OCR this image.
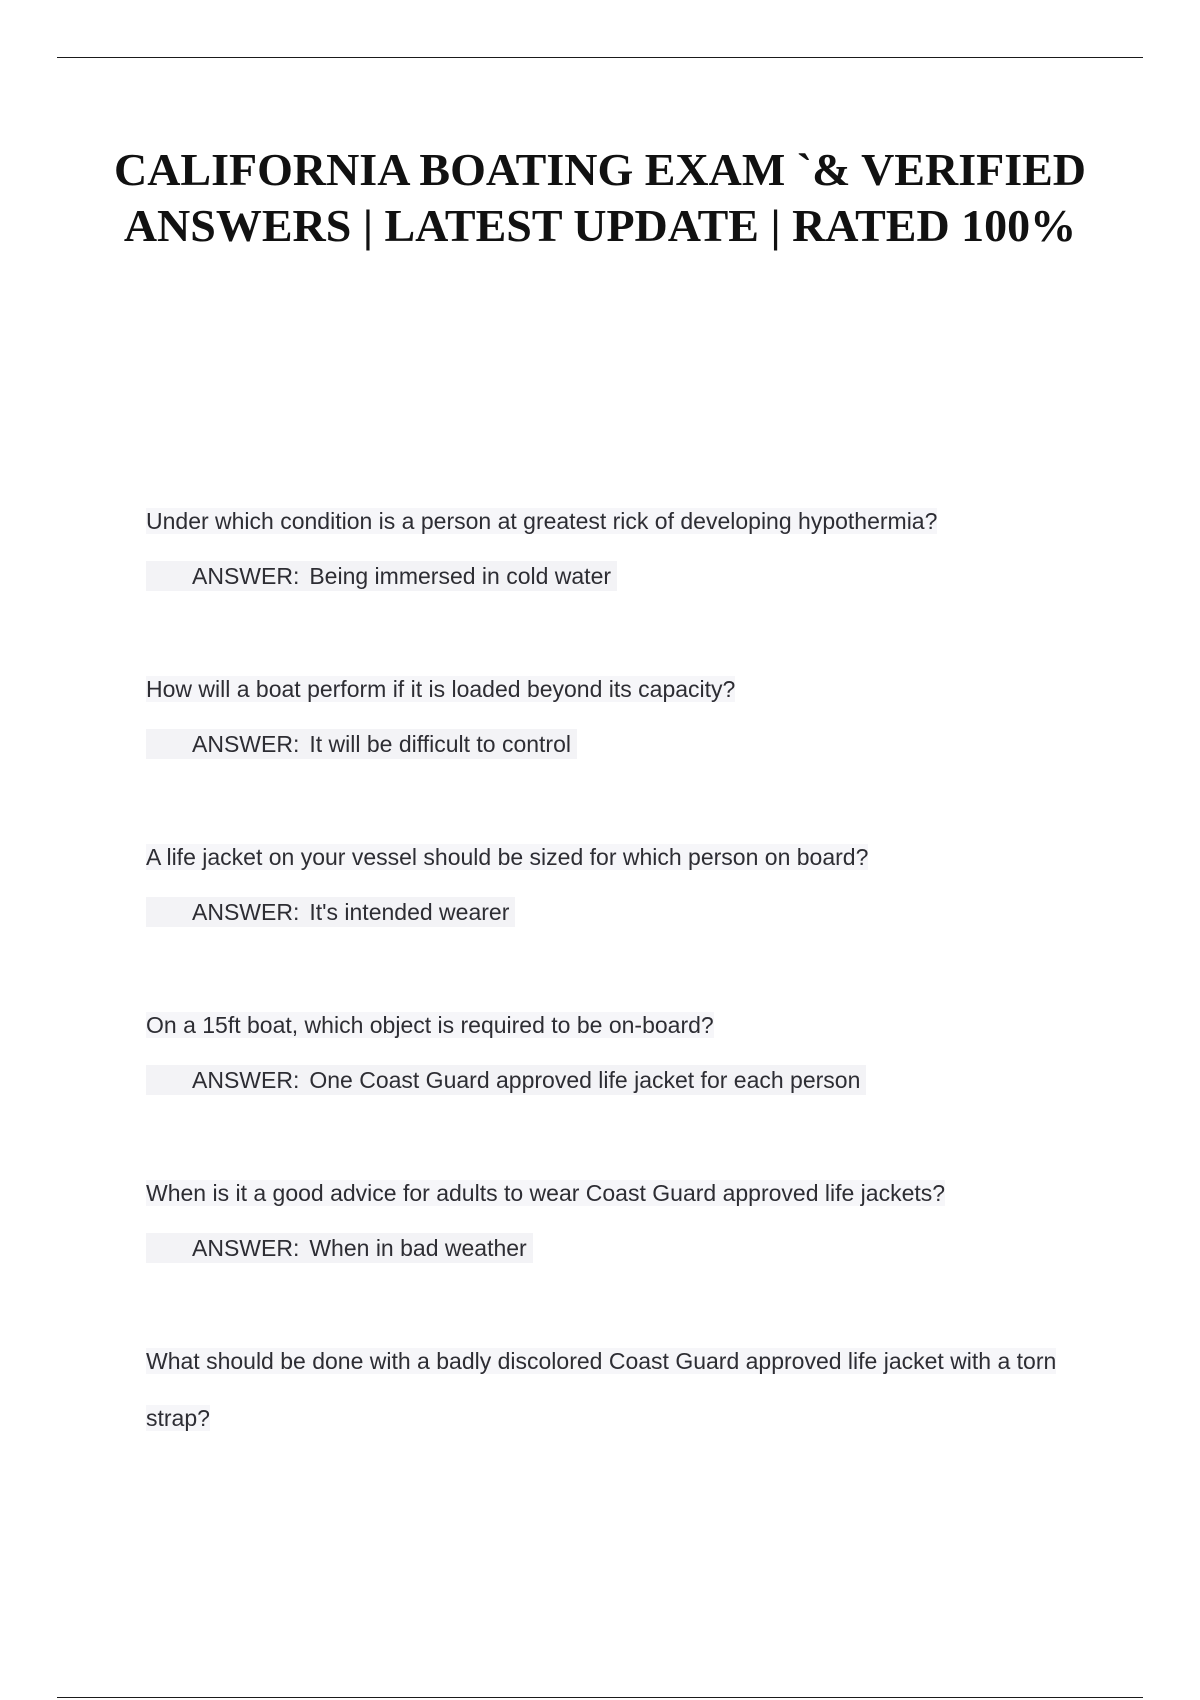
CALIFORNIA BOATING EXAM `& VERIFIED ANSWERS | LATEST UPDATE | RATED 100%

Under which condition is a person at greatest rick of developing hypothermia?

ANSWER: Being immersed in cold water

How will a boat perform if it is loaded beyond its capacity?

ANSWER: It will be difficult to control

A life jacket on your vessel should be sized for which person on board?

ANSWER: It's intended wearer

On a 15ft boat, which object is required to be on-board?

ANSWER: One Coast Guard approved life jacket for each person

When is it a good advice for adults to wear Coast Guard approved life jackets?

ANSWER: When in bad weather

What should be done with a badly discolored Coast Guard approved life jacket with a torn strap?
